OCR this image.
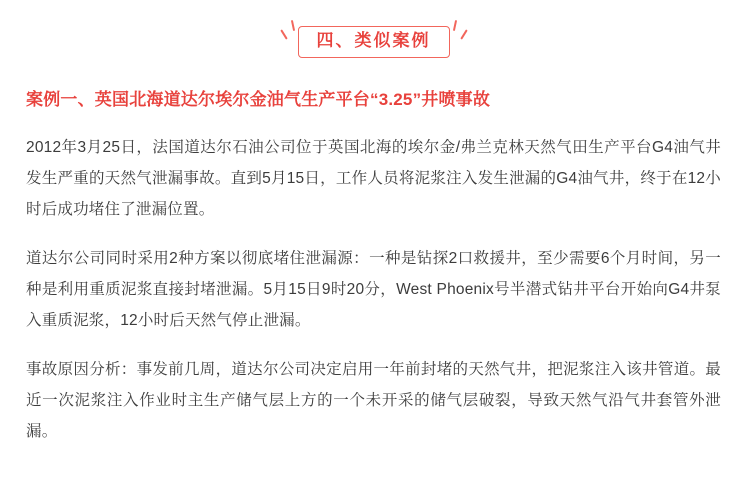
四、类似案例
案例一、英国北海道达尔埃尔金油气生产平台“3.25”井喷事故

2012年3月25日，法国道达尔石油公司位于英国北海的埃尔金/弗兰克林天然气田生产平台G4油气井发生严重的天然气泄漏事故。直到5月15日，工作人员将泥浆注入发生泄漏的G4油气井，终于在12小时后成功堵住了泄漏位置。

道达尔公司同时采用2种方案以彻底堵住泄漏源：一种是钻探2口救援井，至少需要6个月时间，另一种是利用重质泥浆直接封堵泄漏。5月15日9时20分，West Phoenix号半潜式钻井平台开始向G4井泵入重质泥浆，12小时后天然气停止泄漏。

事故原因分析：事发前几周，道达尔公司决定启用一年前封堵的天然气井，把泥浆注入该井管道。最近一次泥浆注入作业时主生产储气层上方的一个未开采的储气层破裂，导致天然气沿气井套管外泄漏。
